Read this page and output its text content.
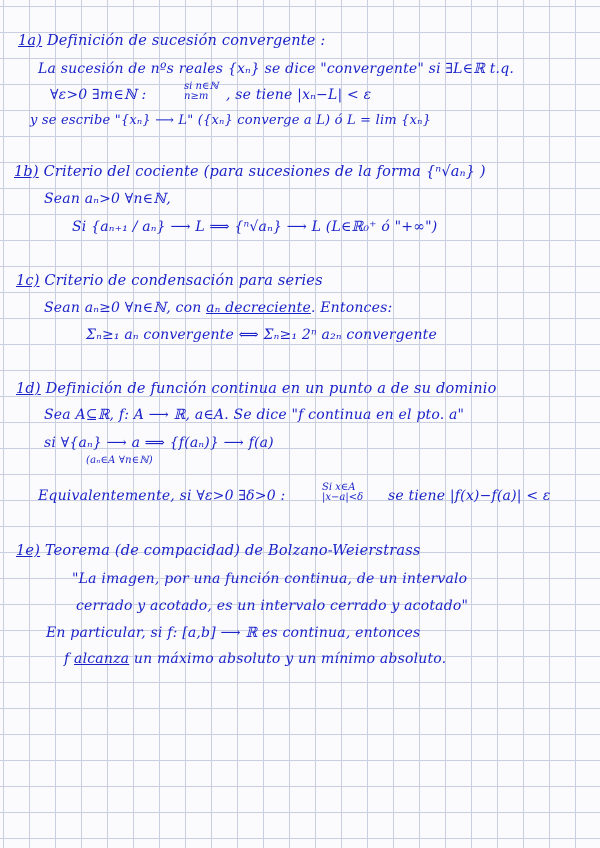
1a) Definición de sucesión convergente :
La sucesión de nºs reales {xₙ} se dice "convergente" si ∃L∈ℝ t.q.
∀ε>0 ∃m∈ℕ :
si n∈ℕ
n≥m	, se tiene |xₙ−L| < ε
y se escribe "{xₙ} ⟶ L" ({xₙ} converge a L) ó L = lim {xₙ}
1b) Criterio del cociente (para sucesiones de la forma {ⁿ√aₙ} )
Sean aₙ>0 ∀n∈ℕ,
Si {aₙ₊₁ / aₙ} ⟶ L ⟹ {ⁿ√aₙ} ⟶ L (L∈ℝ₀⁺ ó "+∞")
1c) Criterio de condensación para series
Sean aₙ≥0 ∀n∈ℕ, con aₙ decreciente. Entonces:
Σₙ≥₁ aₙ convergente ⟺ Σₙ≥₁ 2ⁿ a₂ₙ convergente
1d) Definición de función continua en un punto a de su dominio
Sea A⊆ℝ, f: A ⟶ ℝ, a∈A. Se dice "f continua en el pto. a"
si ∀{aₙ} ⟶ a ⟹ {f(aₙ)} ⟶ f(a)
(aₙ∈A ∀n∈ℕ)
Equivalentemente, si ∀ε>0 ∃δ>0 :
Si x∈A
|x−a|<δ se tiene |f(x)−f(a)| < ε
1e) Teorema (de compacidad) de Bolzano-Weierstrass
"La imagen, por una función continua, de un intervalo
cerrado y acotado, es un intervalo cerrado y acotado"
En particular, si f: [a,b] ⟶ ℝ es continua, entonces
f alcanza un máximo absoluto y un mínimo absoluto.
